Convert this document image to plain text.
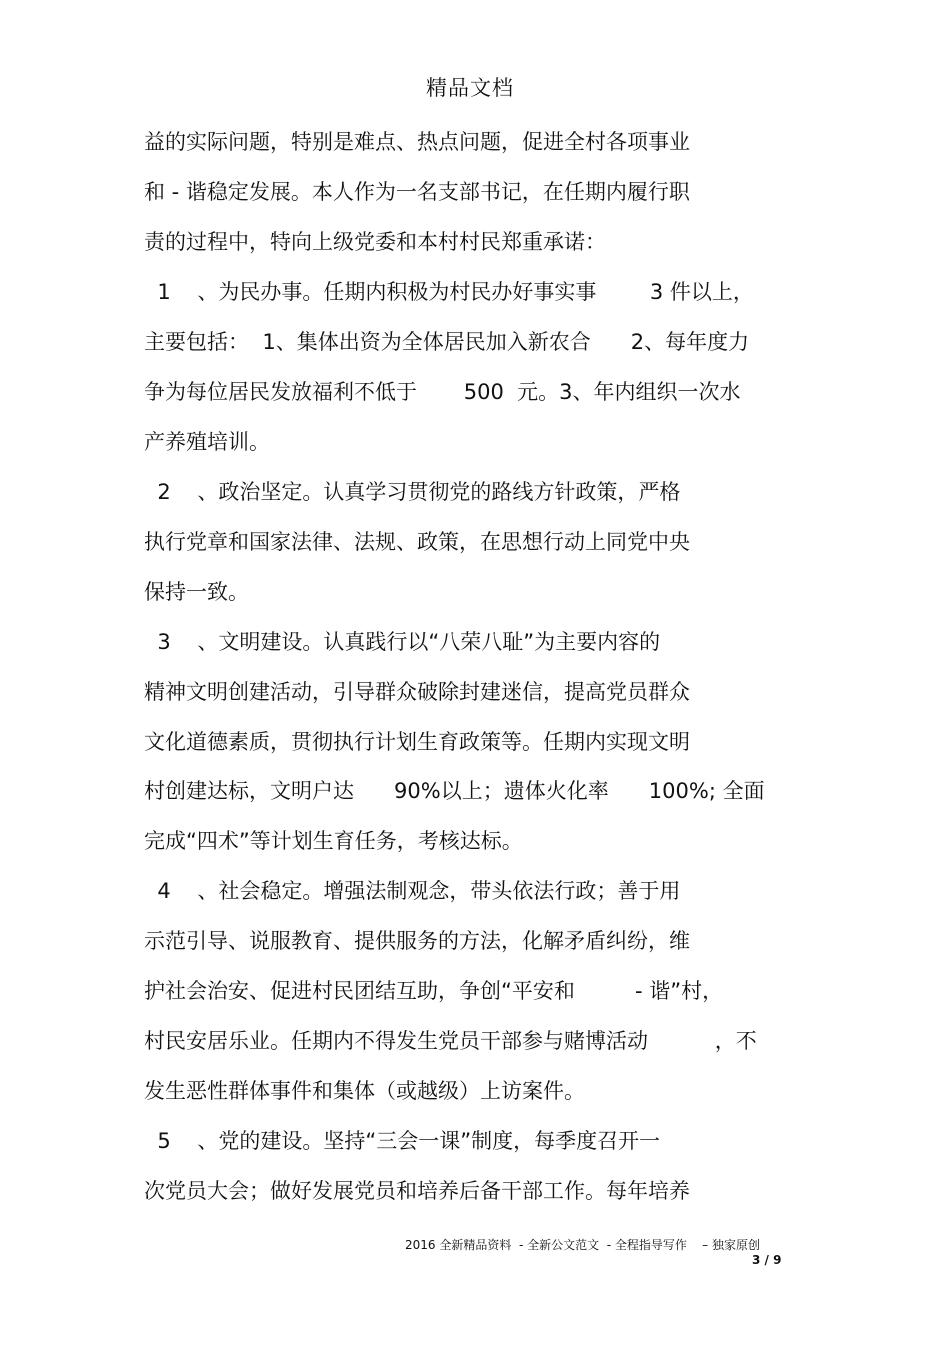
精品文档
益的实际问题，特别是难点、热点问题，促进全村各项事业
和 - 谐稳定发展。本人作为一名支部书记，在任期内履行职
责的过程中，特向上级党委和本村村民郑重承诺：
1    、为民办事。任期内积极为村民办好事实事        3 件以上，
主要包括：  1、集体出资为全体居民加入新农合      2、每年度力
争为每位居民发放福利不低于       500  元。3、年内组织一次水
产养殖培训。
2    、政治坚定。认真学习贯彻党的路线方针政策，严格
执行党章和国家法律、法规、政策，在思想行动上同党中央
保持一致。
3    、文明建设。认真践行以“八荣八耻”为主要内容的
精神文明创建活动，引导群众破除封建迷信，提高党员群众
文化道德素质，贯彻执行计划生育政策等。任期内实现文明
村创建达标，文明户达      90%以上；遗体火化率      100%; 全面
完成“四术”等计划生育任务，考核达标。
4    、社会稳定。增强法制观念，带头依法行政；善于用
示范引导、说服教育、提供服务的方法，化解矛盾纠纷，维
护社会治安、促进村民团结互助，争创“平安和         - 谐”村，
村民安居乐业。任期内不得发生党员干部参与赌博活动          ，不
发生恶性群体事件和集体（或越级）上访案件。
5    、党的建设。坚持“三会一课”制度，每季度召开一
次党员大会；做好发展党员和培养后备干部工作。每年培养
2016 全新精品资料  - 全新公文范文  - 全程指导写作    – 独家原创
3 / 9
